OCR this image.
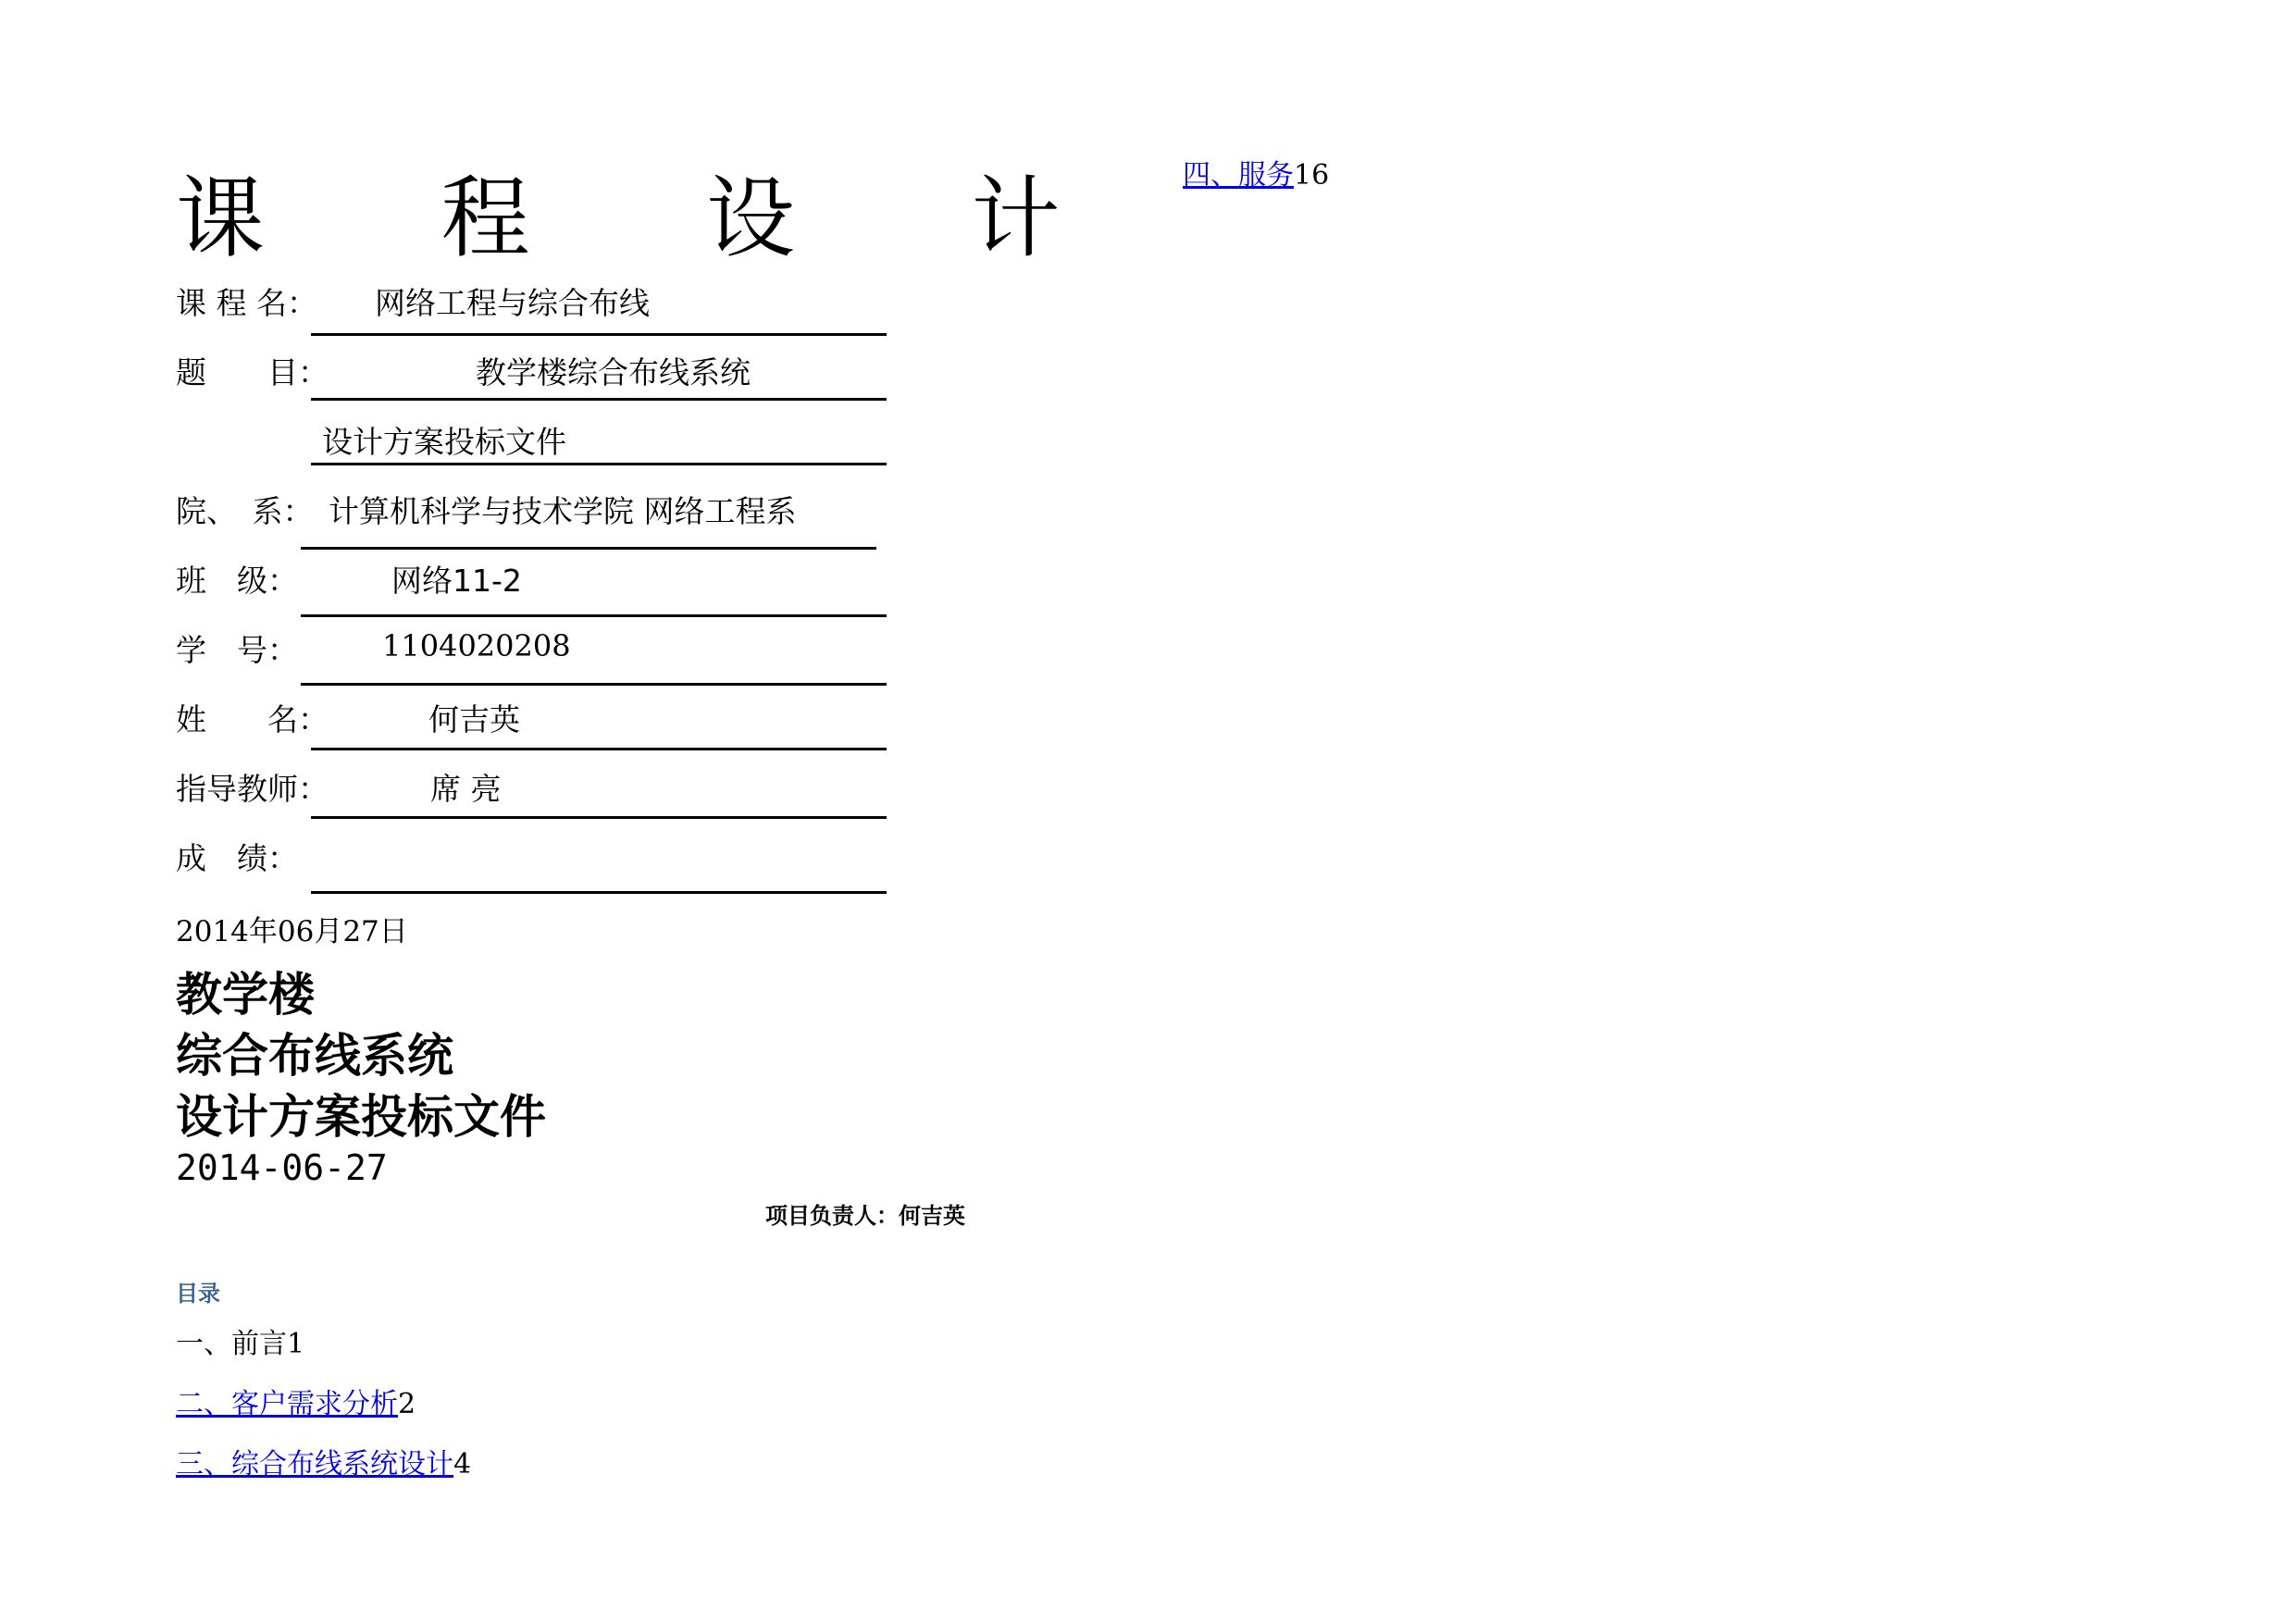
课 程 设 计
课 程 名： 网络工程与综合布线
题　　目：	教学楼综合布线系统
设计方案投标文件
院、　系： 计算机科学与技术学院 网络工程系
班　级：	网络11-2
学　号：	1104020208
姓　　名：	何吉英
指导教师：	席 亮
成　绩：
2014年06月27日
教学楼
综合布线系统
设计方案投标文件
2014-06-27
项目负责人：何吉英
目录
一、前言1
二、客户需求分析2
三、综合布线系统设计4
四、服务16
